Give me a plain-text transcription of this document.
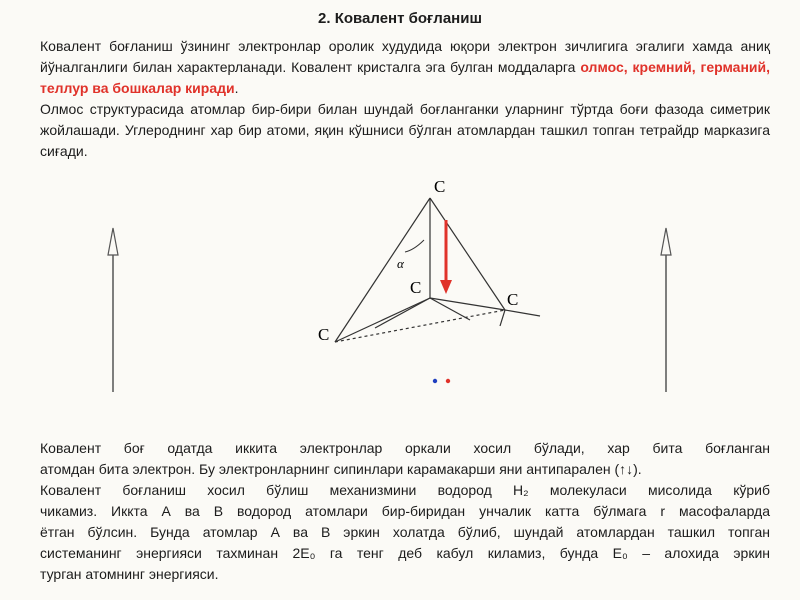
2. Ковалент боғланиш

Ковалент боғланиш ўзининг электронлар оролик худудида юқори электрон зичлигига эгалиги хамда аниқ йўналганлиги билан характерланади. Ковалент кристалга эга булган моддаларга олмос, кремний, германий, теллур ва бошкалар киради.

Олмос структурасида атомлар бир-бири билан шундай боғланганки уларнинг тўртда боғи фазода симетрик жойлашади. Углероднинг хар бир атоми, яқин кўшниси бўлган атомлардан ташкил топган тетрайдр марказига сиғади.

α
C
C
C
C

Ковалент боғ одатда иккита электронлар оркали хосил бўлади, хар бита боғланган

атомдан бита электрон. Бу электронларнинг сипинлари карамакарши яни антипарален (↑↓).

Ковалент боғланиш хосил бўлиш механизмини водород H₂ молекуласи мисолида кўриб

чикамиз. Иккта А ва В водород атомлари бир-биридан унчалик катта бўлмага r масофаларда

ётган бўлсин. Бунда атомлар А ва В эркин холатда бўлиб, шундай атомлардан ташкил топган

системанинг энергияси тахминан 2E₀ га тенг деб кабул киламиз, бунда E₀ – алохида эркин

турган атомнинг энергияси.
